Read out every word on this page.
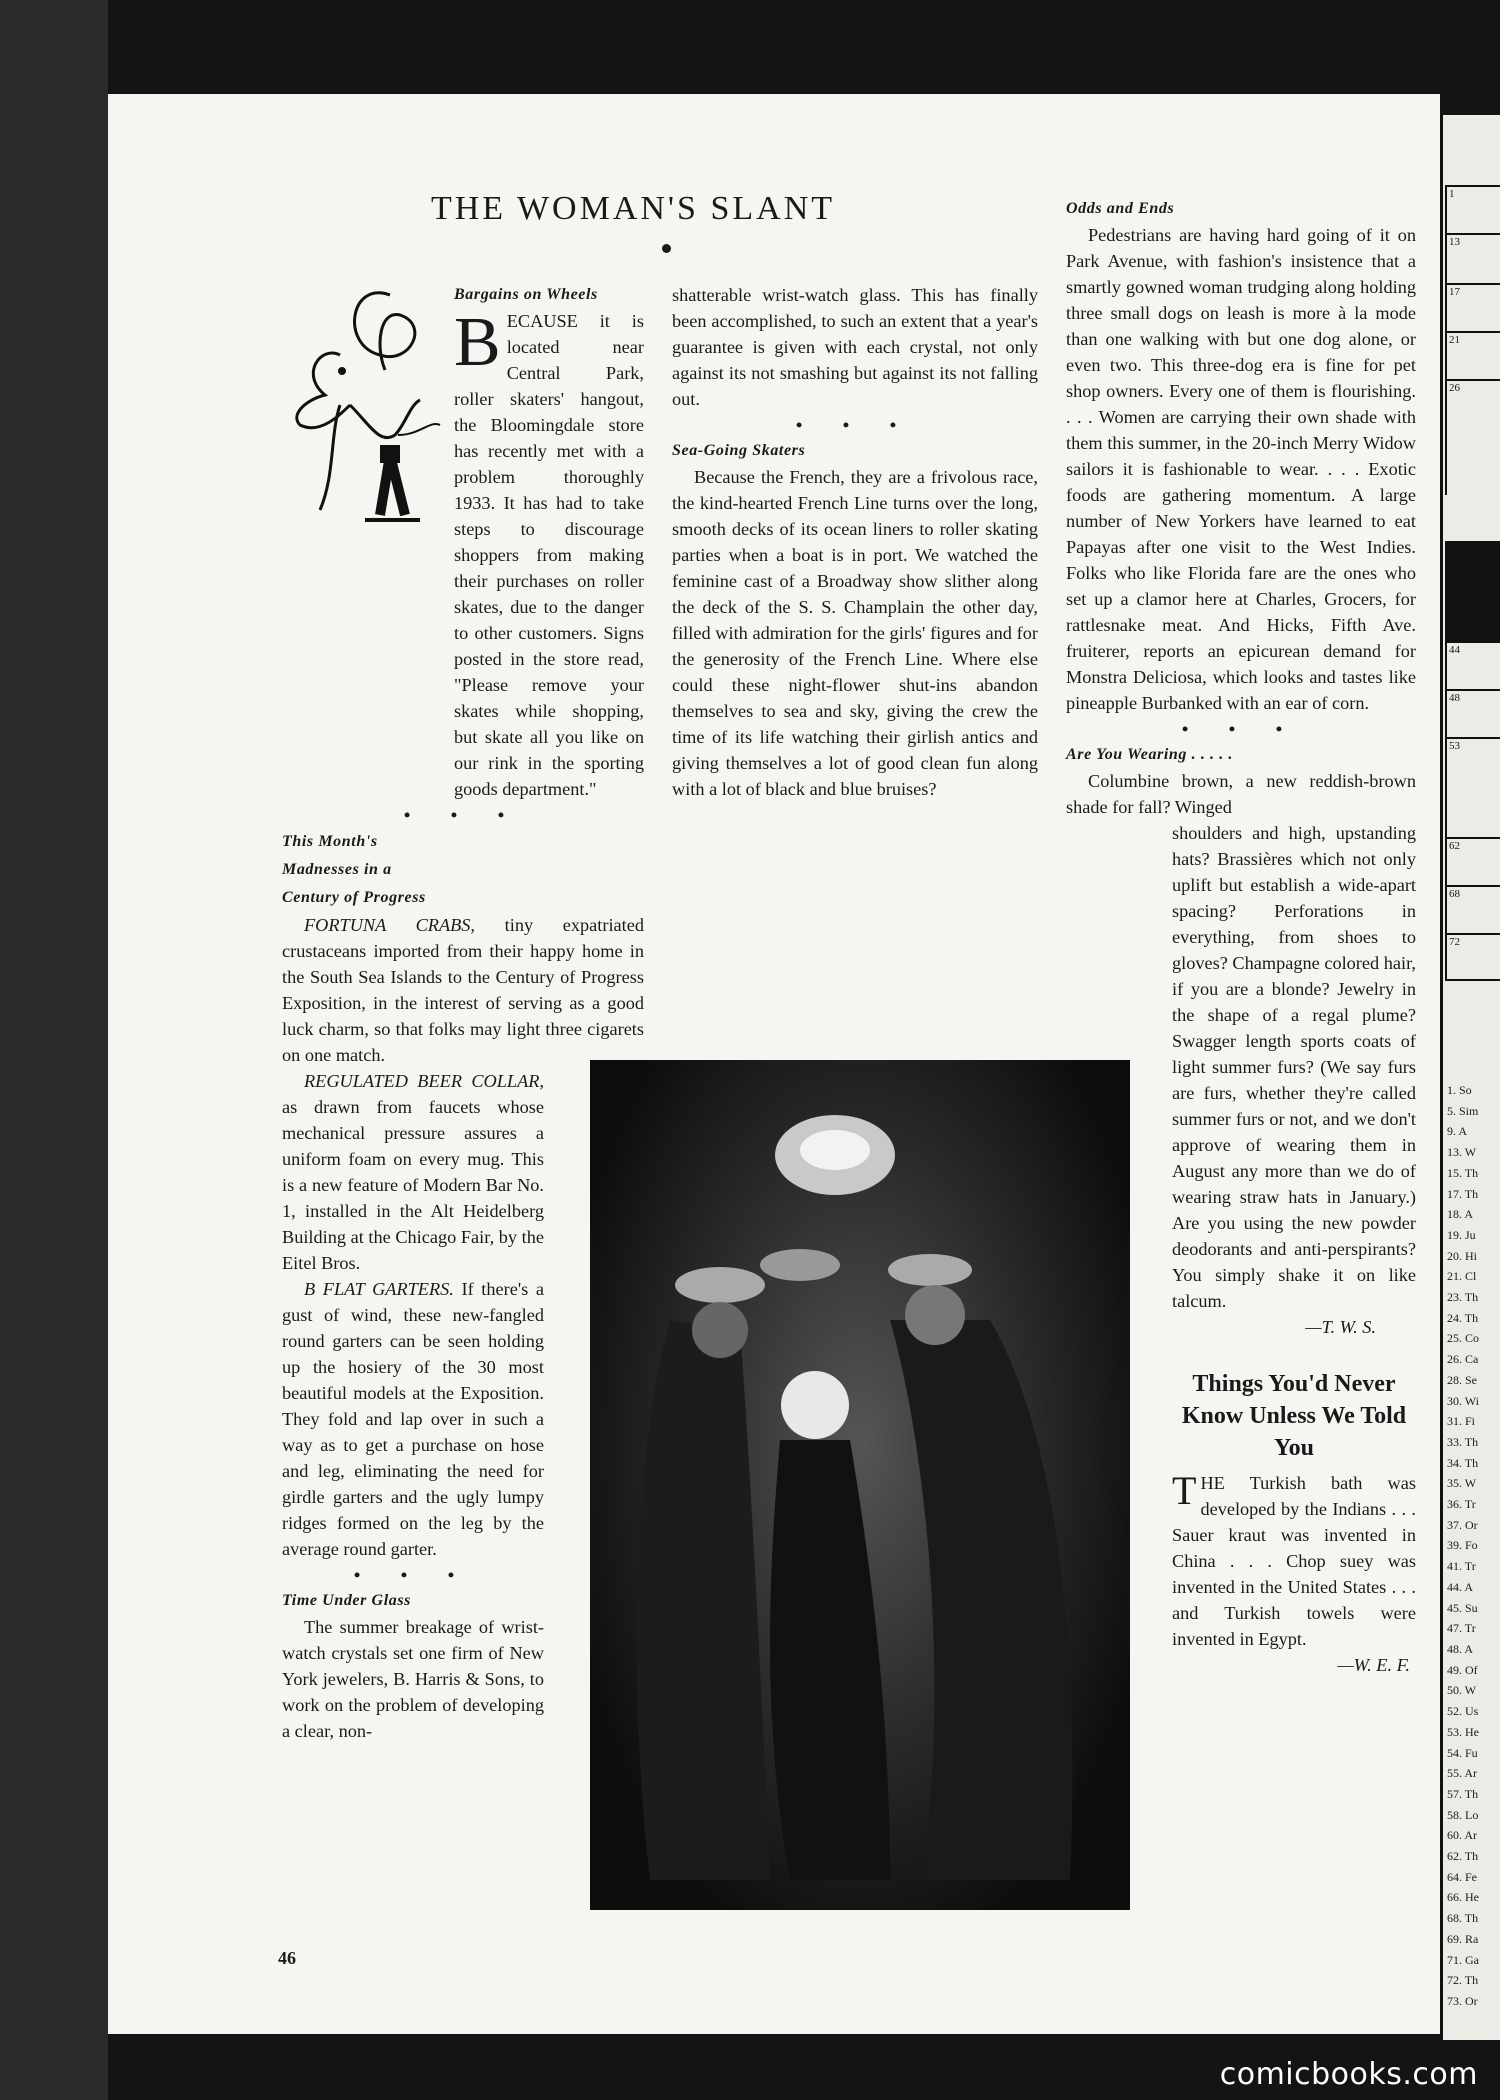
THE WOMAN'S SLANT

Bargains on Wheels

B ECAUSE it is located near Central Park, roller skaters' hangout, the Bloomingdale store has recently met with a problem thoroughly 1933. It has had to take steps to discourage shoppers from making their purchases on roller skates, due to the danger to other customers. Signs posted in the store read, "Please remove your skates while shopping, but skate all you like on our rink in the sporting goods department."

• • •

This Month's Madnesses in a Century of Progress

FORTUNA CRABS, tiny expatriated crustaceans imported from their happy home in the South Sea Islands to the Century of Progress Exposition, in the interest of serving as a good luck charm, so that folks may light three cigarets on one match.

REGULATED BEER COLLAR, as drawn from faucets whose mechanical pressure assures a uniform foam on every mug. This is a new feature of Modern Bar No. 1, installed in the Alt Heidelberg Building at the Chicago Fair, by the Eitel Bros.

B FLAT GARTERS. If there's a gust of wind, these new-fangled round garters can be seen holding up the hosiery of the 30 most beautiful models at the Exposition. They fold and lap over in such a way as to get a purchase on hose and leg, eliminating the need for girdle garters and the ugly lumpy ridges formed on the leg by the average round garter.

• • •

Time Under Glass

The summer breakage of wrist-watch crystals set one firm of New York jewelers, B. Harris & Sons, to work on the problem of developing a clear, non-

shatterable wrist-watch glass. This has finally been accomplished, to such an extent that a year's guarantee is given with each crystal, not only against its not smashing but against its not falling out.

• • •

Sea-Going Skaters

Because the French, they are a frivolous race, the kind-hearted French Line turns over the long, smooth decks of its ocean liners to roller skating parties when a boat is in port. We watched the feminine cast of a Broadway show slither along the deck of the S. S. Champlain the other day, filled with admiration for the girls' figures and for the generosity of the French Line. Where else could these night-flower shut-ins abandon themselves to sea and sky, giving the crew the time of its life watching their girlish antics and giving themselves a lot of good clean fun along with a lot of black and blue bruises?

Odds and Ends

Pedestrians are having hard going of it on Park Avenue, with fashion's insistence that a smartly gowned woman trudging along holding three small dogs on leash is more à la mode than one walking with but one dog alone, or even two. This three-dog era is fine for pet shop owners. Every one of them is flourishing. . . . Women are carrying their own shade with them this summer, in the 20-inch Merry Widow sailors it is fashionable to wear. . . . Exotic foods are gathering momentum. A large number of New Yorkers have learned to eat Papayas after one visit to the West Indies. Folks who like Florida fare are the ones who set up a clamor here at Charles, Grocers, for rattlesnake meat. And Hicks, Fifth Ave. fruiterer, reports an epicurean demand for Monstra Deliciosa, which looks and tastes like pineapple Burbanked with an ear of corn.

• • •

Are You Wearing . . . . .

Columbine brown, a new reddish-brown shade for fall? Winged

shoulders and high, upstanding hats? Brassières which not only uplift but establish a wide-apart spacing? Perforations in everything, from shoes to gloves? Champagne colored hair, if you are a blonde? Jewelry in the shape of a regal plume? Swagger length sports coats of light summer furs? (We say furs are furs, whether they're called summer furs or not, and we don't approve of wearing them in August any more than we do of wearing straw hats in January.) Are you using the new powder deodorants and anti-perspirants? You simply shake it on like talcum.

—T. W. S.

Things You'd Never Know Unless We Told You

T HE Turkish bath was developed by the Indians . . . Sauer kraut was invented in China . . . Chop suey was invented in the United States . . . and Turkish towels were invented in Egypt.

—W. E. F.

46
1
13
17
21
26
37
44
48
53
62
68
72
1. So
5. Sim
9. A
13. W
15. Th
17. Th
18. A
19. Ju
20. Hi
21. Cl
23. Th
24. Th
25. Co
26. Ca
28. Se
30. Wi
31. Fi
33. Th
34. Th
35. W
36. Tr
37. Or
39. Fo
41. Tr
44. A
45. Su
47. Tr
48. A
49. Of
50. W
52. Us
53. He
54. Fu
55. Ar
57. Th
58. Lo
60. Ar
62. Th
64. Fe
66. He
68. Th
69. Ra
71. Ga
72. Th
73. Or
comicbooks.com
